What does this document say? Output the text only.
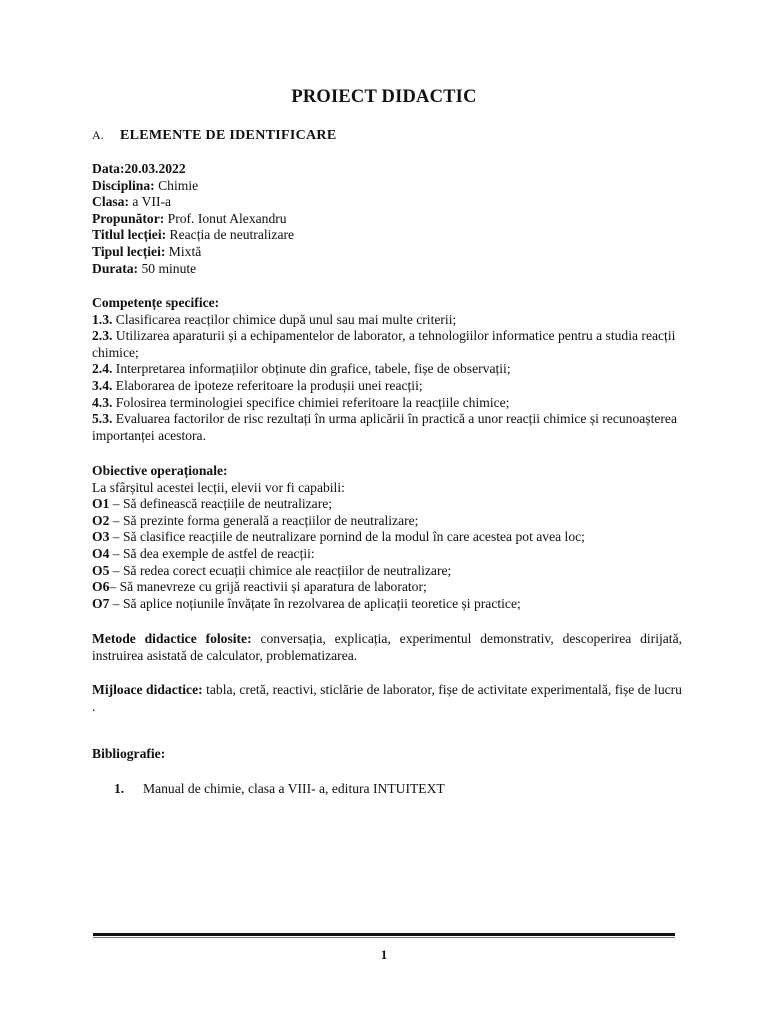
PROIECT DIDACTIC
A. ELEMENTE DE IDENTIFICARE
Data:20.03.2022
Disciplina: Chimie
Clasa: a VII-a
Propunător: Prof. Ionut Alexandru
Titlul lecției: Reacția de neutralizare
Tipul lecției: Mixtă
Durata: 50 minute
Competențe specifice:
1.3. Clasificarea reacților chimice după unul sau mai multe criterii;
2.3. Utilizarea aparaturii și a echipamentelor de laborator, a tehnologiilor informatice pentru a studia reacții chimice;
2.4. Interpretarea informațiilor obținute din grafice, tabele, fișe de observații;
3.4. Elaborarea de ipoteze referitoare la produșii unei reacții;
4.3. Folosirea terminologiei specifice chimiei referitoare la reacțiile chimice;
5.3. Evaluarea factorilor de risc rezultați în urma aplicării în practică a unor reacții chimice și recunoașterea importanței acestora.
Obiective operaționale:
La sfârșitul acestei lecții, elevii vor fi capabili:
O1 – Să definească reacțiile de neutralizare;
O2 – Să prezinte forma generală a reacțiilor de neutralizare;
O3 – Să clasifice reacțiile de neutralizare pornind de la modul în care acestea pot avea loc;
O4 – Să dea exemple de astfel de reacții:
O5 – Să redea corect ecuații chimice ale reacțiilor de neutralizare;
O6– Să manevreze cu grijă reactivii și aparatura de laborator;
O7 – Să aplice noțiunile învățate în rezolvarea de aplicații teoretice și practice;
Metode didactice folosite: conversația, explicația, experimentul demonstrativ, descoperirea dirijată, instruirea asistată de calculator, problematizarea.
Mijloace didactice: tabla, cretă, reactivi, sticlărie de laborator, fișe de activitate experimentală, fișe de lucru .
Bibliografie:
1. Manual de chimie, clasa a VIII- a, editura INTUITEXT
1
